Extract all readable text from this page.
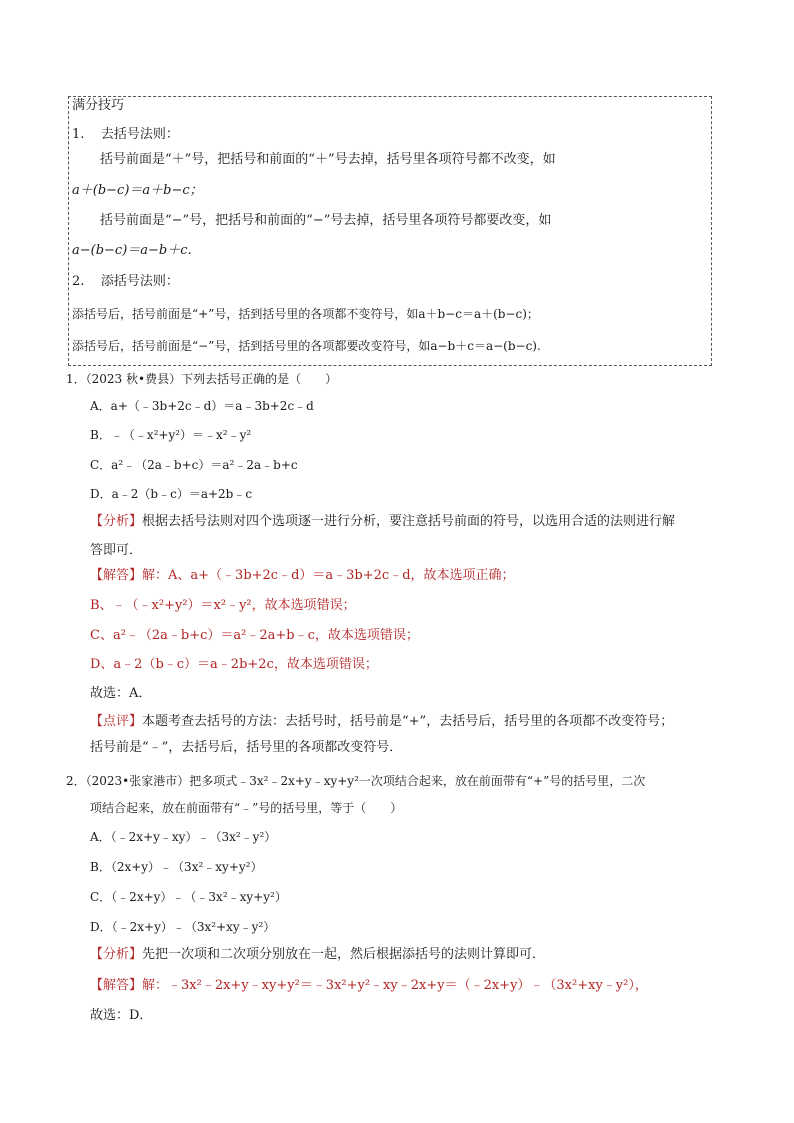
满分技巧
1.    去括号法则：
括号前面是“＋”号，把括号和前面的“＋”号去掉，括号里各项符号都不改变，如
a＋(b−c)＝a＋b−c；
括号前面是“−”号，把括号和前面的“−”号去掉，括号里各项符号都要改变，如
a−(b−c)＝a−b＋c.
2.    添括号法则：
添括号后，括号前面是“+”号，括到括号里的各项都不变符号，如a＋b−c＝a＋(b−c)；
添括号后，括号前面是“−”号，括到括号里的各项都要改变符号，如a−b＋c＝a−(b−c).
1．（2023 秋•费县）下列去括号正确的是（　　）
A．a+（﹣3b+2c﹣d）＝a﹣3b+2c﹣d
B．﹣（﹣x²+y²）＝﹣x²﹣y²
C．a²﹣（2a﹣b+c）＝a²﹣2a﹣b+c
D．a﹣2（b﹣c）＝a+2b﹣c
【分析】根据去括号法则对四个选项逐一进行分析，要注意括号前面的符号，以选用合适的法则进行解
答即可．
【解答】解：A、a+（﹣3b+2c﹣d）＝a﹣3b+2c﹣d，故本选项正确；
B、﹣（﹣x²+y²）＝x²﹣y²，故本选项错误；
C、a²﹣（2a﹣b+c）＝a²﹣2a+b﹣c，故本选项错误；
D、a﹣2（b﹣c）＝a﹣2b+2c，故本选项错误；
故选：A．
【点评】本题考查去括号的方法：去括号时，括号前是“+”，去括号后，括号里的各项都不改变符号；
括号前是“﹣”，去括号后，括号里的各项都改变符号．
2．（2023•张家港市）把多项式﹣3x²﹣2x+y﹣xy+y²一次项结合起来，放在前面带有“+”号的括号里，二次
项结合起来，放在前面带有“﹣”号的括号里，等于（　　）
A．（﹣2x+y﹣xy）﹣（3x²﹣y²）
B．（2x+y）﹣（3x²﹣xy+y²）
C．（﹣2x+y）﹣（﹣3x²﹣xy+y²）
D．（﹣2x+y）﹣（3x²+xy﹣y²）
【分析】先把一次项和二次项分别放在一起，然后根据添括号的法则计算即可．
【解答】解：﹣3x²﹣2x+y﹣xy+y²＝﹣3x²+y²﹣xy﹣2x+y＝（﹣2x+y）﹣（3x²+xy﹣y²），
故选：D．
